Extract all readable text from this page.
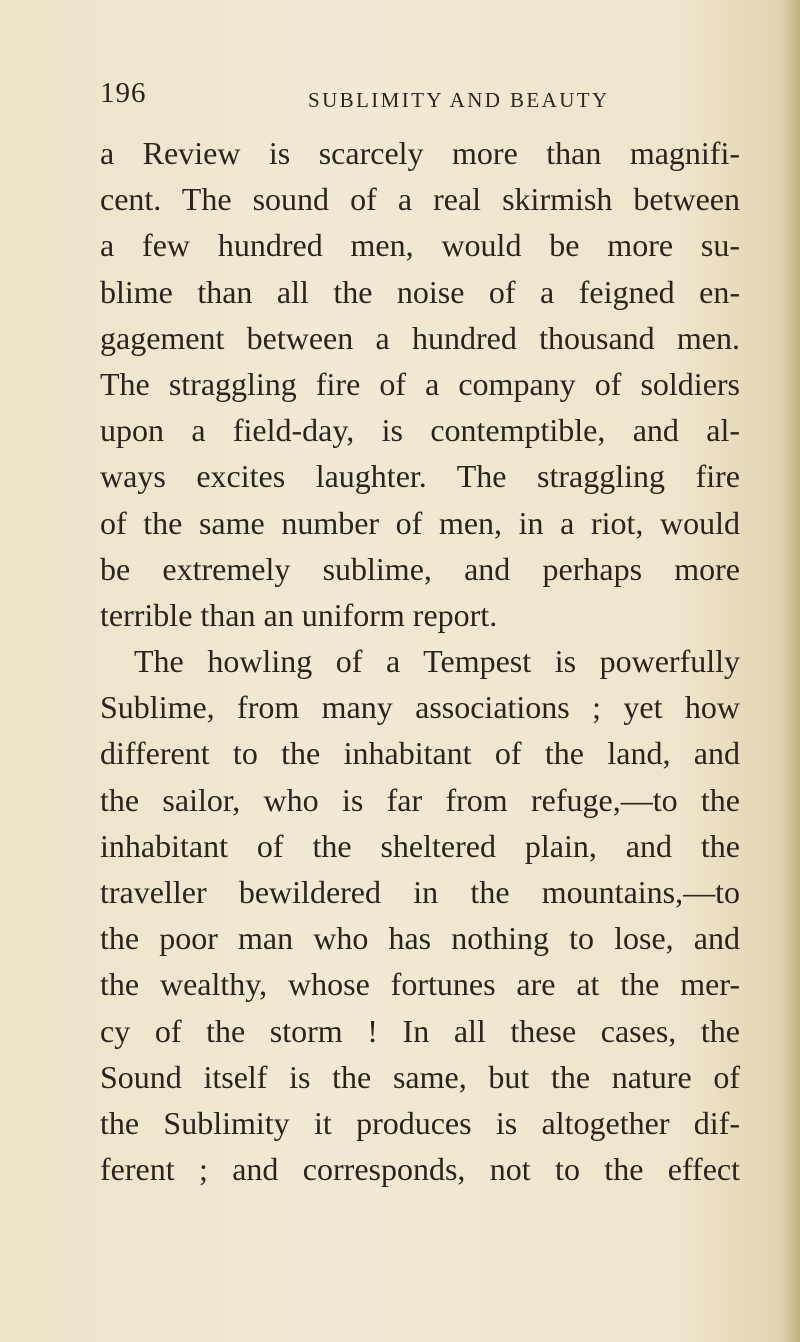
196	SUBLIMITY AND BEAUTY
a Review is scarcely more than magnifi-
cent. The sound of a real skirmish between
a few hundred men, would be more su-
blime than all the noise of a feigned en-
gagement between a hundred thousand men.
The straggling fire of a company of soldiers
upon a field-day, is contemptible, and al-
ways excites laughter. The straggling fire
of the same number of men, in a riot, would
be extremely sublime, and perhaps more
terrible than an uniform report.
The howling of a Tempest is powerfully
Sublime, from many associations ; yet how
different to the inhabitant of the land, and
the sailor, who is far from refuge,—to the
inhabitant of the sheltered plain, and the
traveller bewildered in the mountains,—to
the poor man who has nothing to lose, and
the wealthy, whose fortunes are at the mer-
cy of the storm ! In all these cases, the
Sound itself is the same, but the nature of
the Sublimity it produces is altogether dif-
ferent ; and corresponds, not to the effect
